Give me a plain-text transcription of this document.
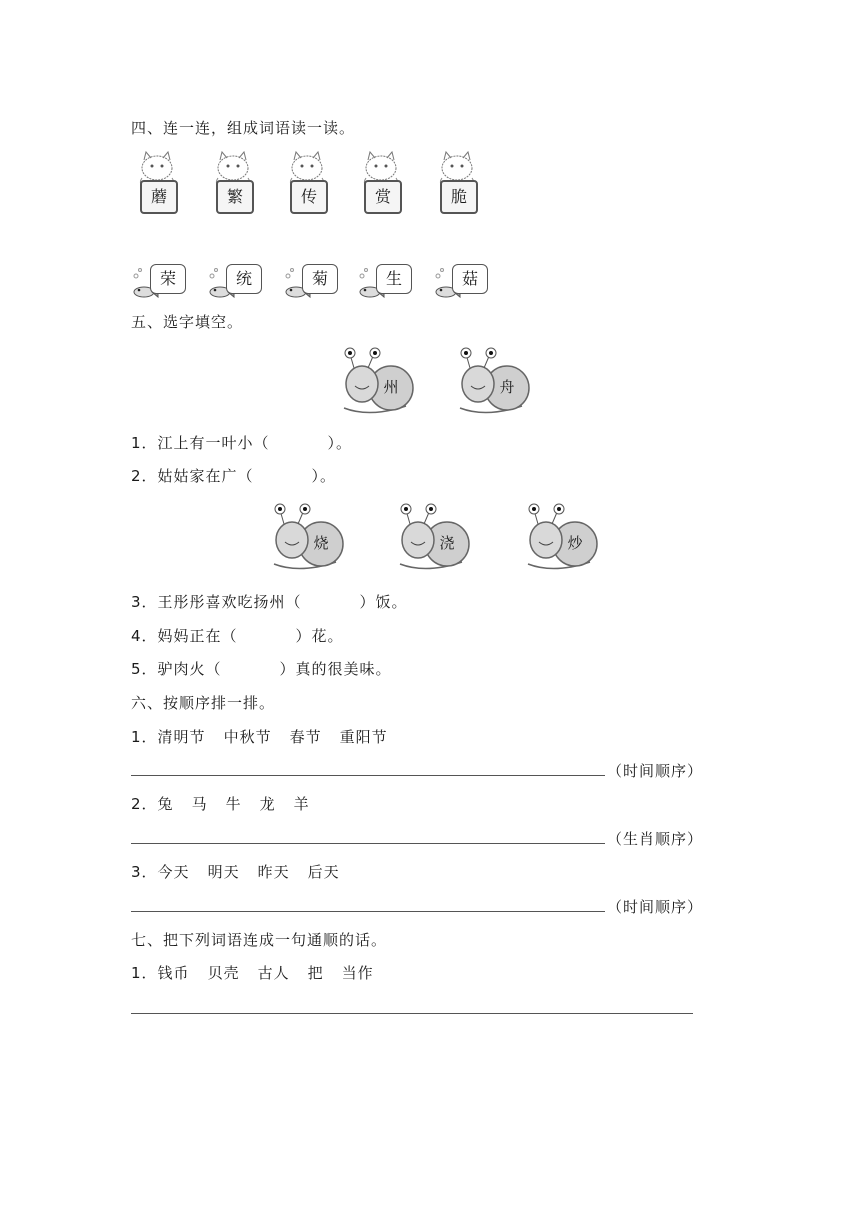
四、连一连，组成词语读一读。
蘑	繁	传	赏	脆
荣	统	菊	生	菇
五、选字填空。
州	舟
1．江上有一叶小（	）。
2．姑姑家在广（	）。
烧	浇	炒
3．王彤彤喜欢吃扬州（	）饭。
4．妈妈正在（	）花。
5．驴肉火（	）真的很美味。
六、按顺序排一排。
1．清明节 中秋节 春节 重阳节
（时间顺序）
2．兔 马 牛 龙 羊
（生肖顺序）
3．今天 明天 昨天 后天
（时间顺序）
七、把下列词语连成一句通顺的话。
1．钱币 贝壳 古人 把 当作
